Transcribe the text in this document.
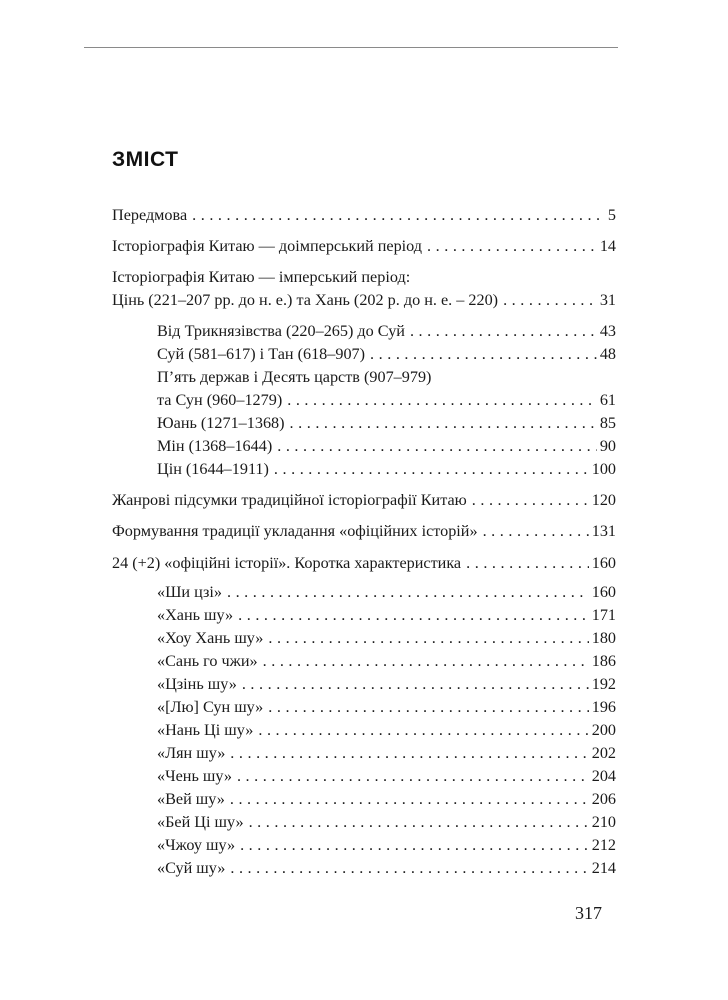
ЗМІСТ
Передмова . . .	5
Історіографія Китаю — доімперський період . . .	14
Історіографія Китаю — імперський період:
Цінь (221–207 рр. до н. е.) та Хань (202 р. до н. е. – 220) . . .	31
Від Трикнязівства (220–265) до Суй . . .	43
Суй (581–617) і Тан (618–907) . . .	48
П’ять держав і Десять царств (907–979)
та Сун (960–1279) . . .	61
Юань (1271–1368) . . .	85
Мін (1368–1644) . . .	90
Цін (1644–1911) . . .	100
Жанрові підсумки традиційної історіографії Китаю . . .	120
Формування традиції укладання «офіційних історій» . . .	131
24 (+2) «офіційні історії». Коротка характеристика . . .	160
«Ши цзі» . . .	160
«Хань шу» . . .	171
«Хоу Хань шу» . . .	180
«Сань го чжи» . . .	186
«Цзінь шу» . . .	192
«[Лю] Сун шу» . . .	196
«Нань Ці шу» . . .	200
«Лян шу» . . .	202
«Чень шу» . . .	204
«Вей шу» . . .	206
«Бей Ці шу» . . .	210
«Чжоу шу» . . .	212
«Суй шу» . . .	214
317
